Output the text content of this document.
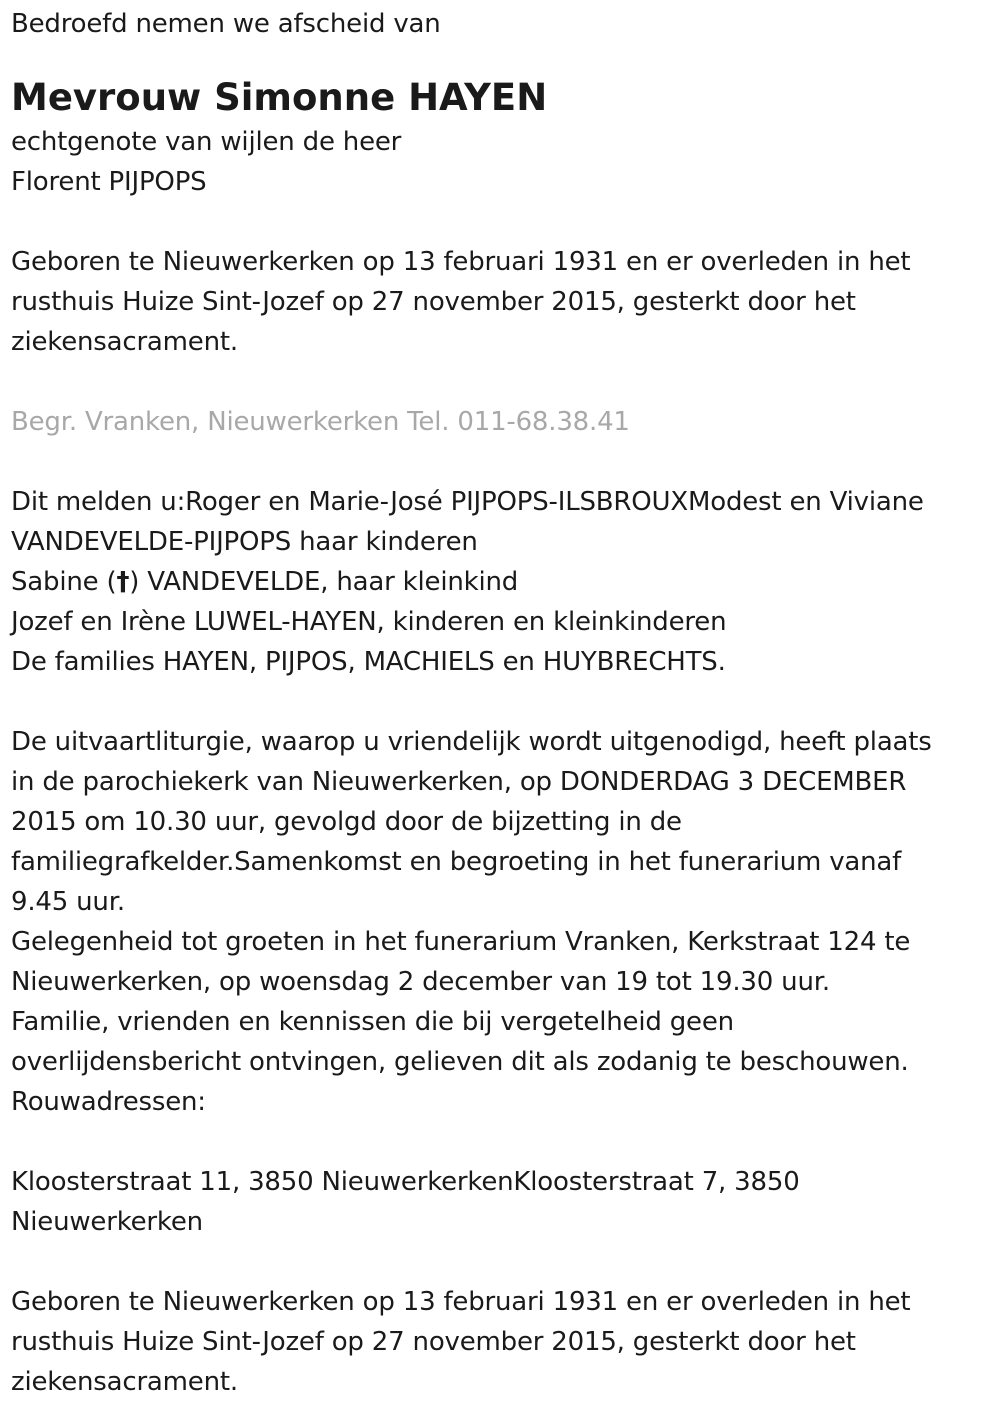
Bedroefd nemen we afscheid van
Mevrouw Simonne HAYEN
echtgenote van wijlen de heer
Florent PIJPOPS
Geboren te Nieuwerkerken op 13 februari 1931 en er overleden in het
rusthuis Huize Sint-Jozef op 27 november 2015, gesterkt door het
ziekensacrament.
Begr. Vranken, Nieuwerkerken Tel. 011-68.38.41
Dit melden u:Roger en Marie-José PIJPOPS-ILSBROUXModest en Viviane
VANDEVELDE-PIJPOPS haar kinderen
Sabine (†) VANDEVELDE, haar kleinkind
Jozef en Irène LUWEL-HAYEN, kinderen en kleinkinderen
De families HAYEN, PIJPOS, MACHIELS en HUYBRECHTS.
De uitvaartliturgie, waarop u vriendelijk wordt uitgenodigd, heeft plaats
in de parochiekerk van Nieuwerkerken, op DONDERDAG 3 DECEMBER
2015 om 10.30 uur, gevolgd door de bijzetting in de
familiegrafkelder.Samenkomst en begroeting in het funerarium vanaf
9.45 uur.
Gelegenheid tot groeten in het funerarium Vranken, Kerkstraat 124 te
Nieuwerkerken, op woensdag 2 december van 19 tot 19.30 uur.
Familie, vrienden en kennissen die bij vergetelheid geen
overlijdensbericht ontvingen, gelieven dit als zodanig te beschouwen.
Rouwadressen:
Kloosterstraat 11, 3850 NieuwerkerkenKloosterstraat 7, 3850
Nieuwerkerken
Geboren te Nieuwerkerken op 13 februari 1931 en er overleden in het
rusthuis Huize Sint-Jozef op 27 november 2015, gesterkt door het
ziekensacrament.
